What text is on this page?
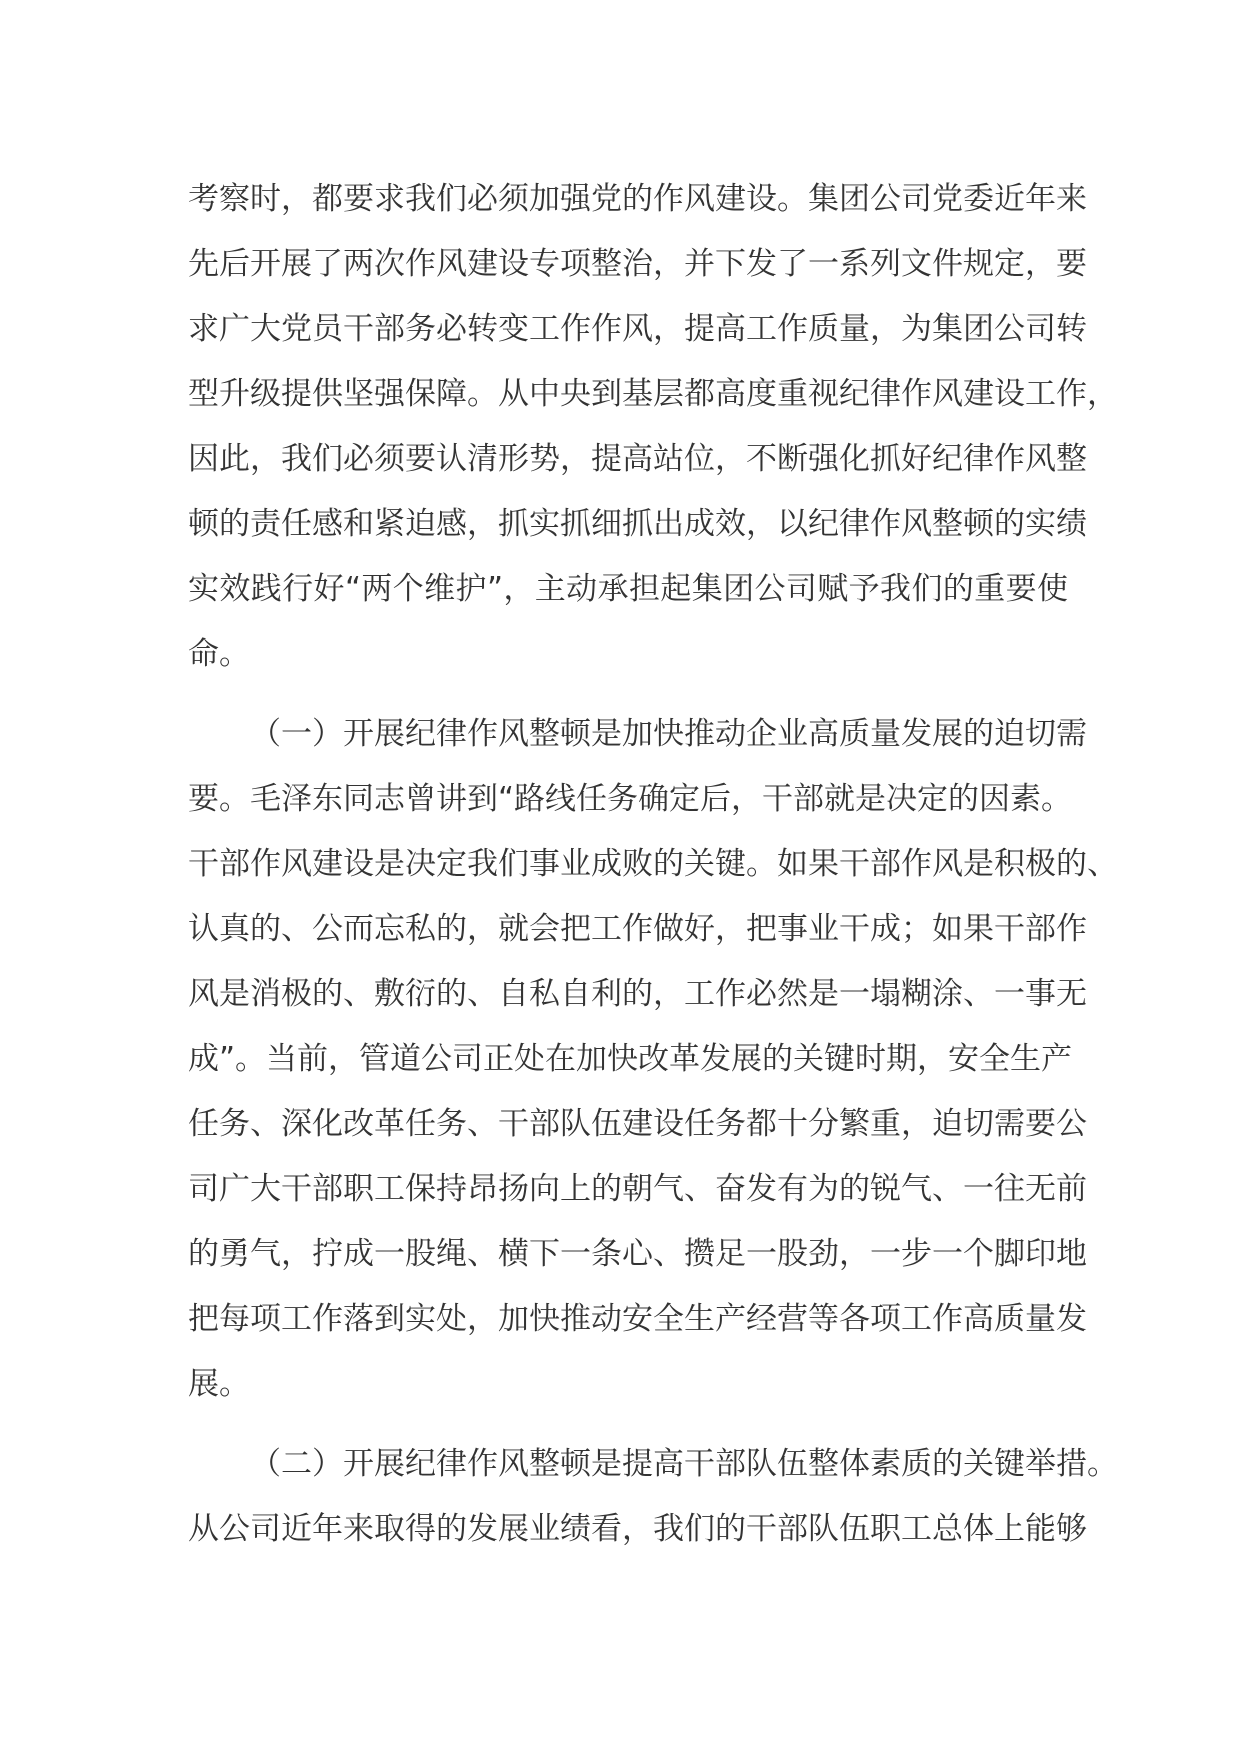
考察时，都要求我们必须加强党的作风建设。集团公司党委近年来
先后开展了两次作风建设专项整治，并下发了一系列文件规定，要
求广大党员干部务必转变工作作风，提高工作质量，为集团公司转
型升级提供坚强保障。从中央到基层都高度重视纪律作风建设工作，
因此，我们必须要认清形势，提高站位，不断强化抓好纪律作风整
顿的责任感和紧迫感，抓实抓细抓出成效，以纪律作风整顿的实绩
实效践行好“两个维护”，主动承担起集团公司赋予我们的重要使
命。
（一）开展纪律作风整顿是加快推动企业高质量发展的迫切需
要。毛泽东同志曾讲到“路线任务确定后，干部就是决定的因素。
干部作风建设是决定我们事业成败的关键。如果干部作风是积极的、
认真的、公而忘私的，就会把工作做好，把事业干成；如果干部作
风是消极的、敷衍的、自私自利的，工作必然是一塌糊涂、一事无
成”。当前，管道公司正处在加快改革发展的关键时期，安全生产
任务、深化改革任务、干部队伍建设任务都十分繁重，迫切需要公
司广大干部职工保持昂扬向上的朝气、奋发有为的锐气、一往无前
的勇气，拧成一股绳、横下一条心、攒足一股劲，一步一个脚印地
把每项工作落到实处，加快推动安全生产经营等各项工作高质量发
展。
（二）开展纪律作风整顿是提高干部队伍整体素质的关键举措。
从公司近年来取得的发展业绩看，我们的干部队伍职工总体上能够
